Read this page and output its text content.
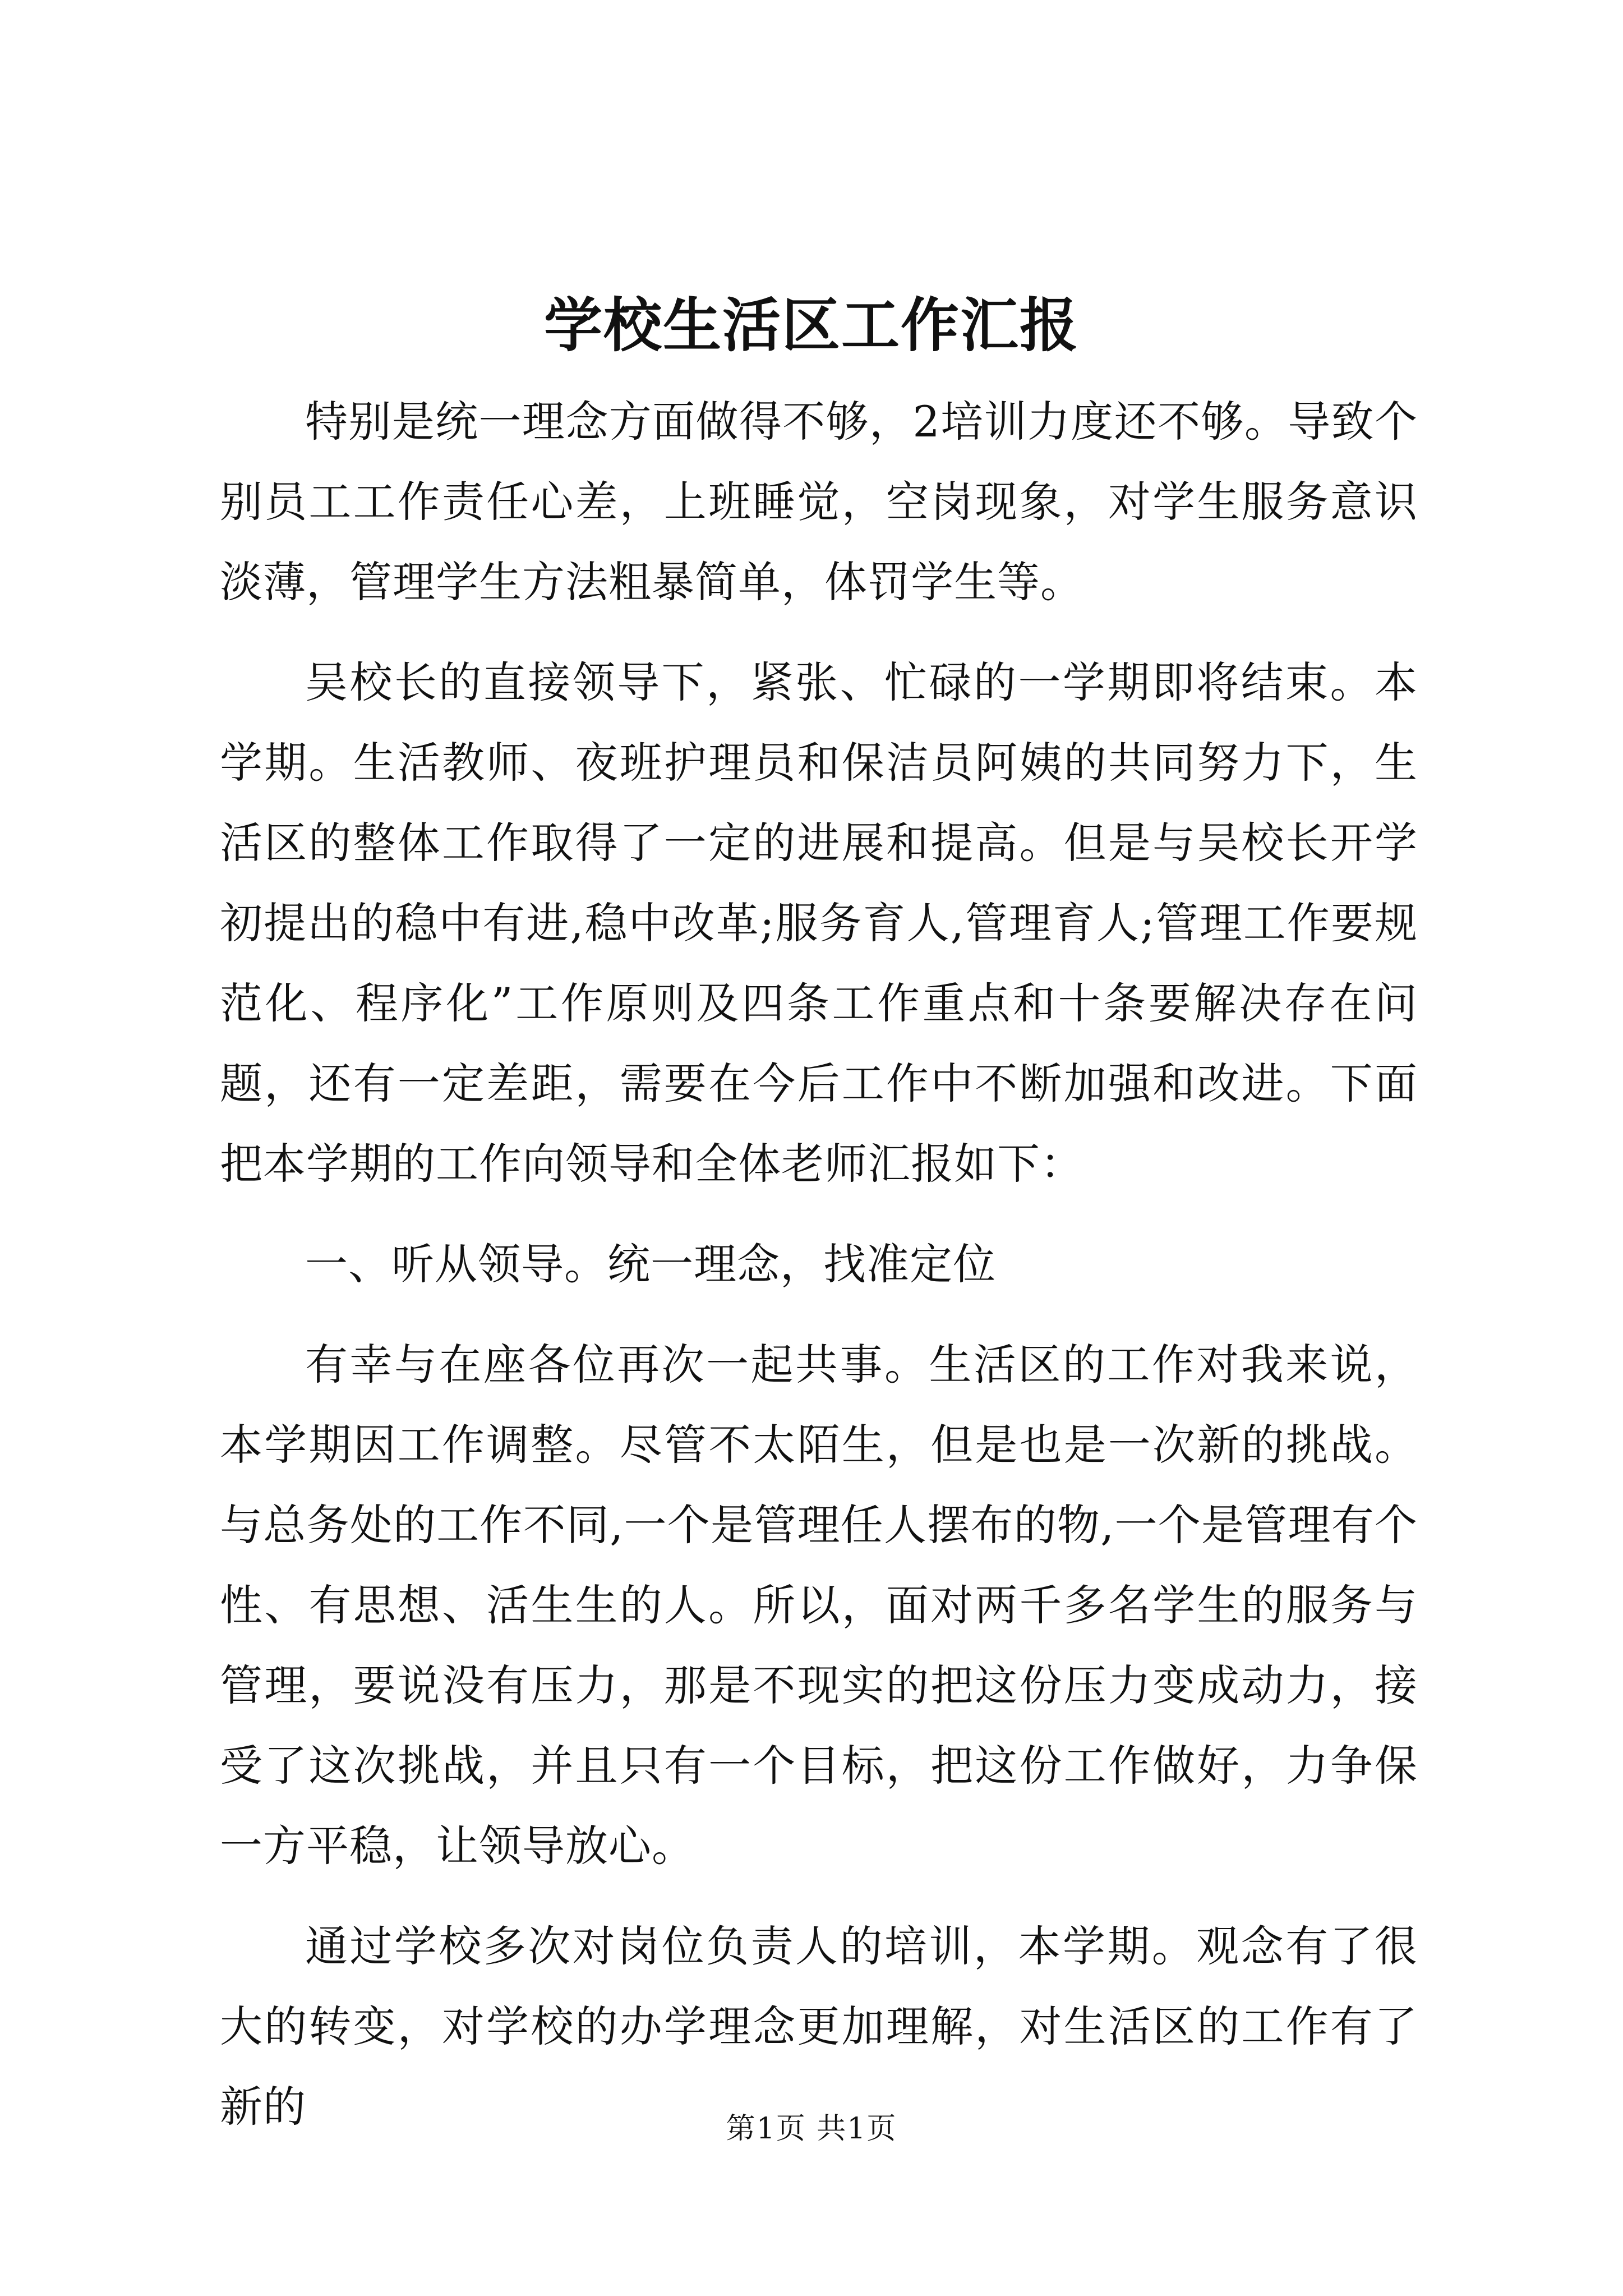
学校生活区工作汇报

特别是统一理念方面做得不够，2培训力度还不够。导致个别员工工作责任心差，上班睡觉，空岗现象，对学生服务意识淡薄，管理学生方法粗暴简单，体罚学生等。

吴校长的直接领导下，紧张、忙碌的一学期即将结束。本学期。生活教师、夜班护理员和保洁员阿姨的共同努力下，生活区的整体工作取得了一定的进展和提高。但是与吴校长开学初提出的稳中有进,稳中改革;服务育人,管理育人;管理工作要规范化、程序化”工作原则及四条工作重点和十条要解决存在问题，还有一定差距，需要在今后工作中不断加强和改进。下面把本学期的工作向领导和全体老师汇报如下：

一、听从领导。统一理念，找准定位

有幸与在座各位再次一起共事。生活区的工作对我来说，本学期因工作调整。尽管不太陌生，但是也是一次新的挑战。与总务处的工作不同,一个是管理任人摆布的物,一个是管理有个性、有思想、活生生的人。所以，面对两千多名学生的服务与管理，要说没有压力，那是不现实的把这份压力变成动力，接受了这次挑战，并且只有一个目标，把这份工作做好，力争保一方平稳，让领导放心。

通过学校多次对岗位负责人的培训，本学期。观念有了很大的转变，对学校的办学理念更加理解，对生活区的工作有了新的	第1页 共1页
